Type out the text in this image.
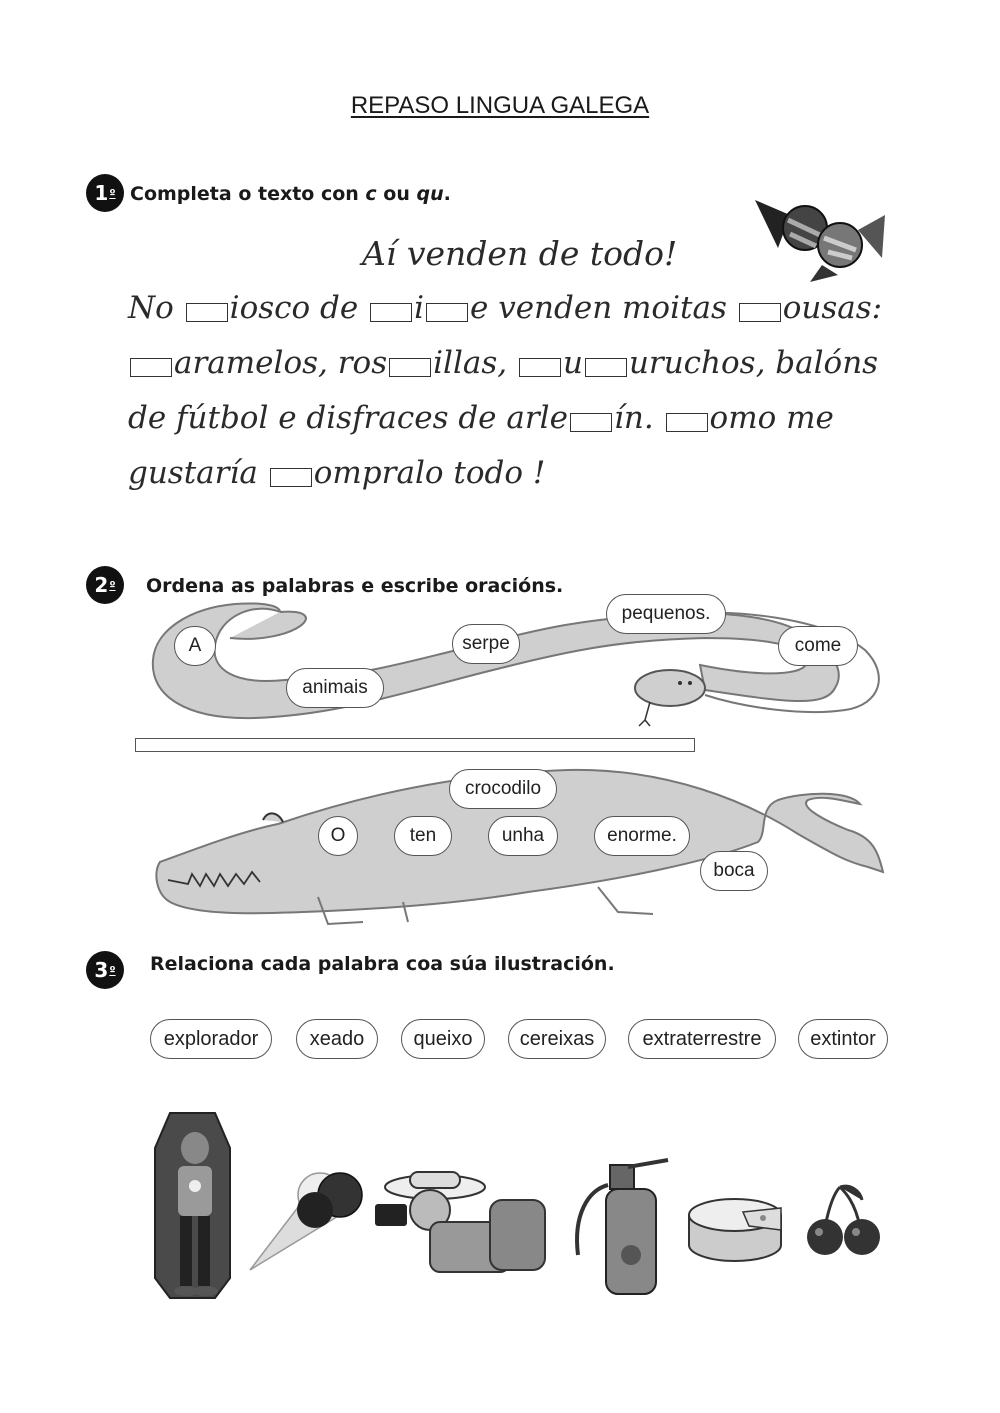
REPASO LINGUA GALEGA
1 º Completa o texto con c ou qu.
Aí venden de todo!
No iosco de i e venden moitas ousas:
aramelos, ros illas, u uruchos, balóns
de fútbol e disfraces de arle ín. omo me
gustaría ompralo todo !
2 º Ordena as palabras e escribe oracións.
A
animais
serpe
pequenos.
come
crocodilo
O	ten	unha	enorme.
boca
3 º Relaciona cada palabra coa súa ilustración.
explorador	xeado	queixo	cereixas	extraterrestre	extintor
